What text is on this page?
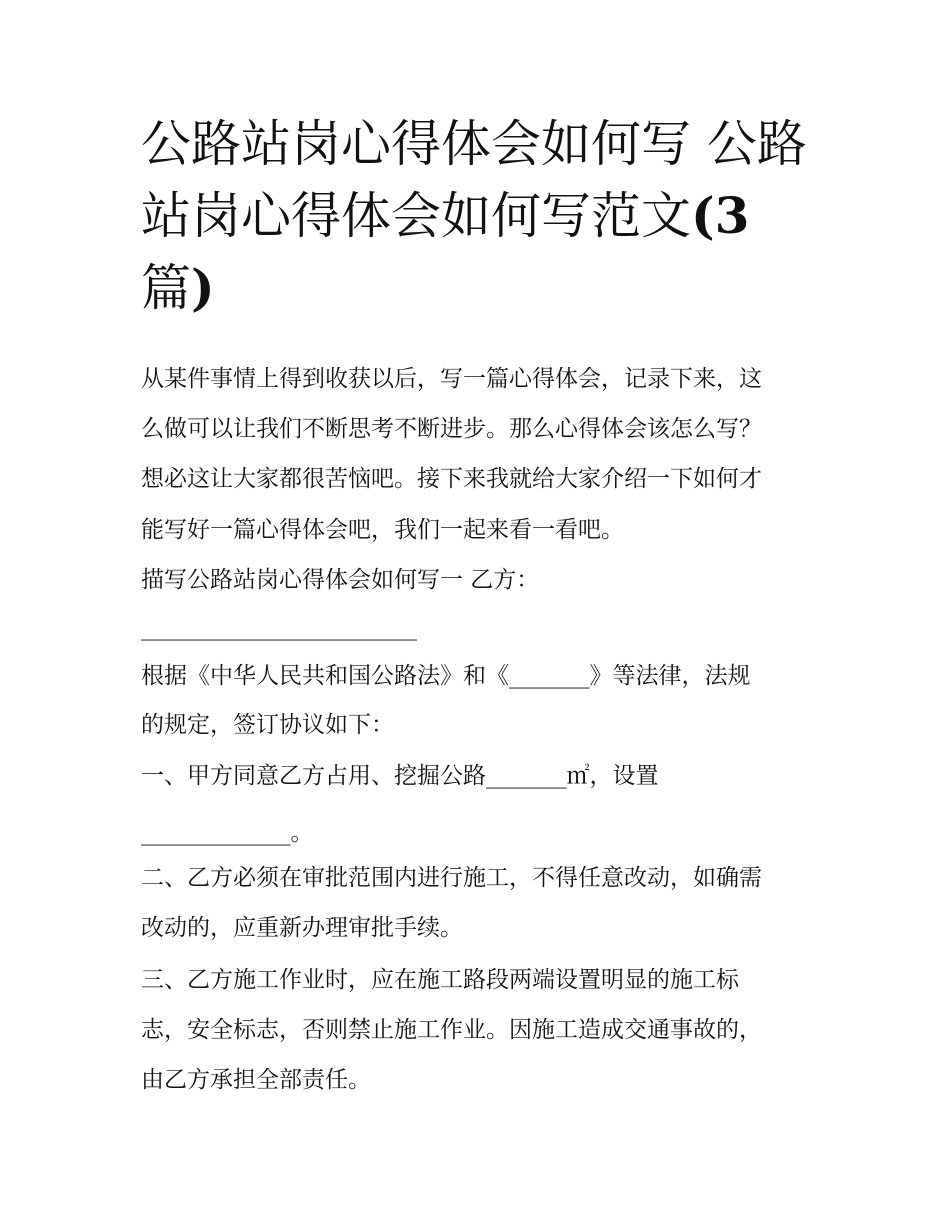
公路站岗心得体会如何写 公路
站岗心得体会如何写范文(3
篇)

从某件事情上得到收获以后，写一篇心得体会，记录下来，这

么做可以让我们不断思考不断进步。那么心得体会该怎么写？

想必这让大家都很苦恼吧。接下来我就给大家介绍一下如何才

能写好一篇心得体会吧，我们一起来看一看吧。

描写公路站岗心得体会如何写一 乙方：

________________________

根据《中华人民共和国公路法》和《_______》等法律，法规

的规定，签订协议如下：

一、甲方同意乙方占用、挖掘公路_______㎡，设置

_____________。

二、乙方必须在审批范围内进行施工，不得任意改动，如确需

改动的，应重新办理审批手续。

三、乙方施工作业时，应在施工路段两端设置明显的施工标

志，安全标志，否则禁止施工作业。因施工造成交通事故的，

由乙方承担全部责任。
